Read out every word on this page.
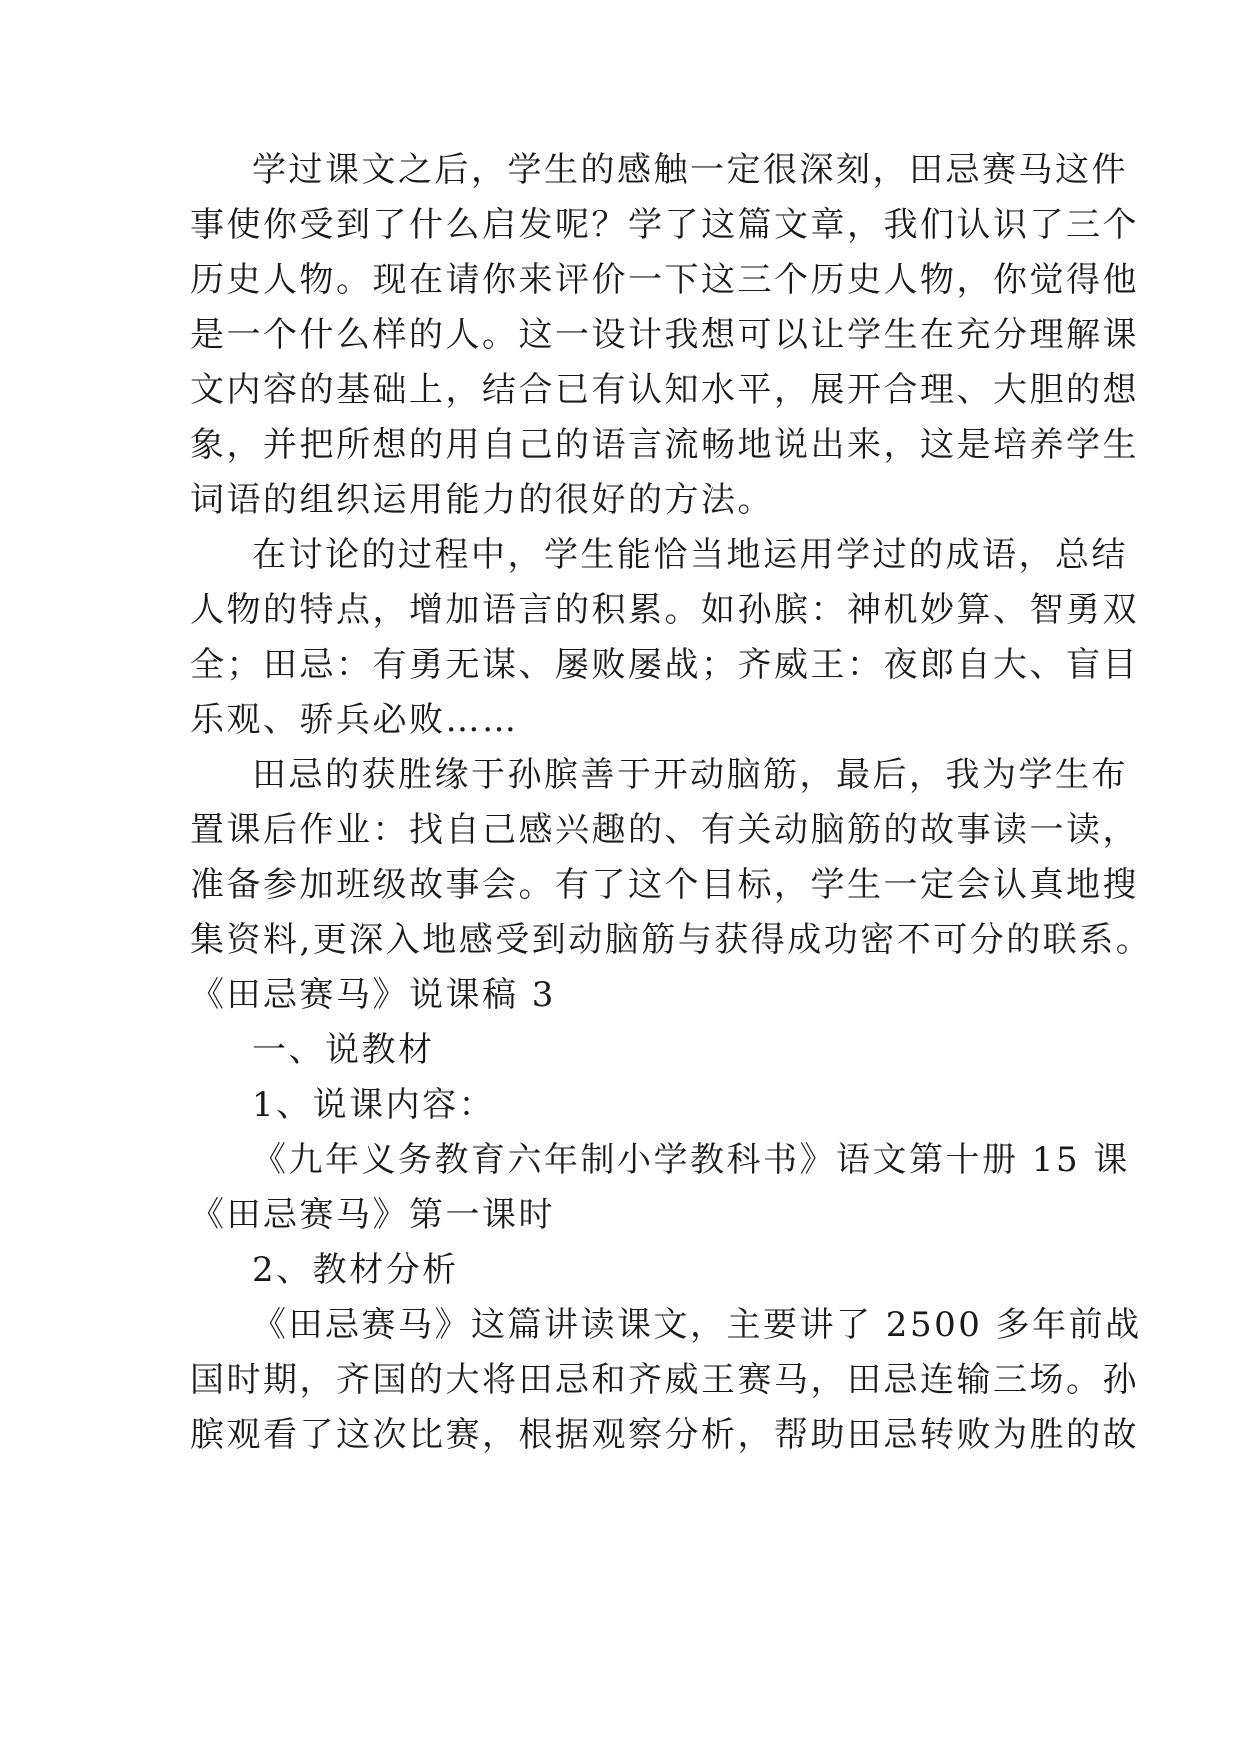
学过课文之后，学生的感触一定很深刻，田忌赛马这件
事使你受到了什么启发呢？学了这篇文章，我们认识了三个
历史人物。现在请你来评价一下这三个历史人物，你觉得他
是一个什么样的人。这一设计我想可以让学生在充分理解课
文内容的基础上，结合已有认知水平，展开合理、大胆的想
象，并把所想的用自己的语言流畅地说出来，这是培养学生
词语的组织运用能力的很好的方法。
在讨论的过程中，学生能恰当地运用学过的成语，总结
人物的特点，增加语言的积累。如孙膑：神机妙算、智勇双
全；田忌：有勇无谋、屡败屡战；齐威王：夜郎自大、盲目
乐观、骄兵必败……
田忌的获胜缘于孙膑善于开动脑筋，最后，我为学生布
置课后作业：找自己感兴趣的、有关动脑筋的故事读一读，
准备参加班级故事会。有了这个目标，学生一定会认真地搜
集资料,更深入地感受到动脑筋与获得成功密不可分的联系。
《田忌赛马》说课稿 3
一、说教材
1、说课内容：
《九年义务教育六年制小学教科书》语文第十册 15 课
《田忌赛马》第一课时
2、教材分析
《田忌赛马》这篇讲读课文，主要讲了 2500 多年前战
国时期，齐国的大将田忌和齐威王赛马，田忌连输三场。孙
膑观看了这次比赛，根据观察分析，帮助田忌转败为胜的故
